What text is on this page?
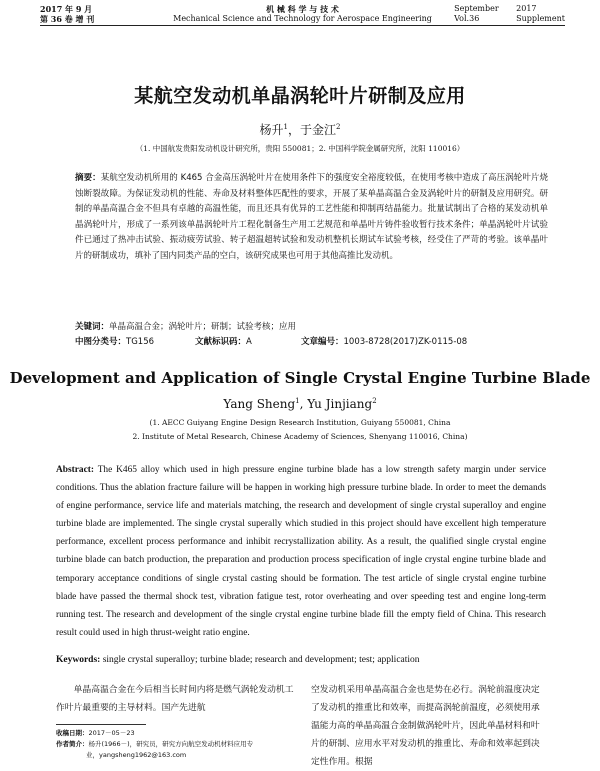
2017 年 9 月
第 36 卷 增 刊
机 械 科 学 与 技 术
Mechanical Science and Technology for Aerospace Engineering
September 2017
Vol.36	Supplement
某航空发动机单晶涡轮叶片研制及应用
杨升$^1$，于金江$^2$
（1. 中国航发贵阳发动机设计研究所，贵阳 550081；2. 中国科学院金属研究所，沈阳 110016）
摘要：某航空发动机所用的 K465 合金高压涡轮叶片在使用条件下的强度安全裕度较低，在使用考核中造成了高压涡轮叶片烧蚀断裂故障。为保证发动机的性能、寿命及材料整体匹配性的要求，开展了某单晶高温合金及涡轮叶片的研制及应用研究。研制的单晶高温合金不但具有卓越的高温性能，而且还具有优异的工艺性能和抑制再结晶能力。批量试制出了合格的某发动机单晶涡轮叶片，形成了一系列该单晶涡轮叶片工程化制备生产用工艺规范和单晶叶片铸件验收暂行技术条件；单晶涡轮叶片试验件已通过了热冲击试验、振动疲劳试验、转子超温超转试验和发动机整机长期试车试验考核，经受住了严苛的考验。该单晶叶片的研制成功，填补了国内同类产品的空白，该研究成果也可用于其他高推比发动机。
关键词：单晶高温合金；涡轮叶片；研制；试验考核；应用
中图分类号：TG156	文献标识码：A	文章编号：1003-8728(2017)ZK-0115-08
Development and Application of Single Crystal Engine Turbine Blade
Yang Sheng$^1$, Yu Jinjiang$^2$
(1. AECC Guiyang Engine Design Research Institution, Guiyang 550081, China
2. Institute of Metal Research, Chinese Academy of Sciences, Shenyang 110016, China)
Abstract: The K465 alloy which used in high pressure engine turbine blade has a low strength safety margin under service conditions. Thus the ablation fracture failure will be happen in working high pressure turbine blade. In order to meet the demands of engine performance, service life and materials matching, the research and development of single crystal superalloy and engine turbine blade are implemented. The single crystal superally which studied in this project should have excellent high temperature performance, excellent process performance and inhibit recrystallization ability. As a result, the qualified single crystal engine turbine blade can batch production, the preparation and production process specification of ingle crystal engine turbine blade and temporary acceptance conditions of single crystal casting should be formation. The test article of single crystal engine turbine blade have passed the thermal shock test, vibration fatigue test, rotor overheating and over speeding test and engine long-term running test. The research and development of the single crystal engine turbine blade fill the empty field of China. This research result could used in high thrust-weight ratio engine.
Keywords: single crystal superalloy; turbine blade; research and development; test; application
单晶高温合金在今后相当长时间内将是燃气涡轮发动机工作叶片最重要的主导材料。国产先进航
空发动机采用单晶高温合金也是势在必行。涡轮前温度决定了发动机的推重比和效率，而提高涡轮前温度，必须使用承温能力高的单晶高温合金制做涡轮叶片，因此单晶材料和叶片的研制、应用水平对发动机的推重比、寿命和效率起到决定性作用。根据
收稿日期：2017－05－23
作者简介：杨升(1966－)，研究员，研究方向航空发动机材料应用专
业，yangsheng1962@163.com
